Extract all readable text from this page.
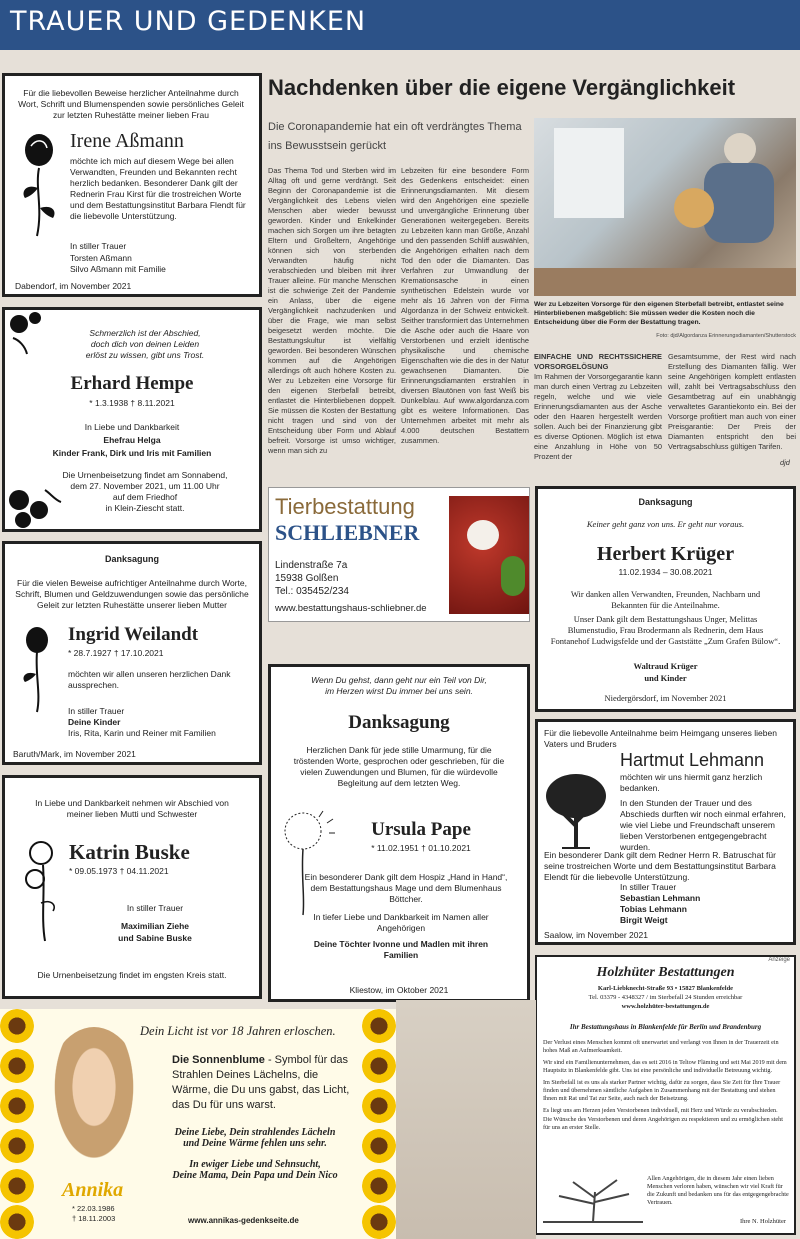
TRAUER UND GEDENKEN
Für die liebevollen Beweise herzlicher Anteilnahme durch Wort, Schrift und Blumenspenden sowie persönliches Geleit zur letzten Ruhestätte meiner lieben Frau
Irene Aßmann
möchte ich mich auf diesem Wege bei allen Verwandten, Freunden und Bekannten recht herzlich bedanken. Besonderer Dank gilt der Rednerin Frau Kirst für die trostreichen Worte und dem Bestattungsinstitut Barbara Flendt für die liebevolle Unterstützung.
In stiller Trauer
Torsten Aßmann
Silvo Aßmann mit Familie
Dabendorf, im November 2021
Schmerzlich ist der Abschied,
doch dich von deinen Leiden
erlöst zu wissen, gibt uns Trost.
Erhard Hempe
* 1.3.1938 † 8.11.2021
In Liebe und Dankbarkeit
Ehefrau Helga
Kinder Frank, Dirk und Iris mit Familien
Die Urnenbeisetzung findet am Sonnabend,
dem 27. November 2021, um 11.00 Uhr
auf dem Friedhof
in Klein-Ziescht statt.
Danksagung
Für die vielen Beweise aufrichtiger Anteilnahme durch Worte, Schrift, Blumen und Geldzuwendungen sowie das persönliche Geleit zur letzten Ruhestätte unserer lieben Mutter
Ingrid Weilandt
* 28.7.1927 † 17.10.2021
möchten wir allen unseren herzlichen Dank aussprechen.
In stiller Trauer
Deine Kinder
Iris, Rita, Karin und Reiner mit Familien
Baruth/Mark, im November 2021
In Liebe und Dankbarkeit nehmen wir Abschied von meiner lieben Mutti und Schwester
Katrin Buske
* 09.05.1973 † 04.11.2021
In stiller Trauer
Maximilian Ziehe
und Sabine Buske
Die Urnenbeisetzung findet im engsten Kreis statt.
Nachdenken über die eigene Vergänglichkeit
Die Coronapandemie hat ein oft verdrängtes Thema ins Bewusstsein gerückt
Das Thema Tod und Sterben wird im Alltag oft und gerne verdrängt. Seit Beginn der Coronapandemie ist die Vergänglichkeit des Lebens vielen Menschen aber wieder bewusst geworden. Kinder und Enkelkinder machen sich Sorgen um ihre betagten Eltern und Großeltern, Angehörige können sich von sterbenden Verwandten häufig nicht verabschieden und bleiben mit ihrer Trauer alleine. Für manche Menschen ist die schwierige Zeit der Pandemie ein Anlass, über die eigene Vergänglichkeit nachzudenken und über die Frage, wie man selbst beigesetzt werden möchte. Die Bestattungskultur ist vielfältig geworden. Bei besonderen Wünschen kommen auf die Angehörigen allerdings oft auch höhere Kosten zu. Wer zu Lebzeiten eine Vorsorge für den eigenen Sterbefall betreibt, entlastet die Hinterbliebenen doppelt. Sie müssen die Kosten der Bestattung nicht tragen und sind von der Entscheidung über Form und Ablauf befreit. Vorsorge ist umso wichtiger, wenn man sich zu
Lebzeiten für eine besondere Form des Gedenkens entscheidet: einen Erinnerungsdiamanten. Mit diesem wird den Angehörigen eine spezielle und unvergängliche Erinnerung über Generationen weitergegeben. Bereits zu Lebzeiten kann man Größe, Anzahl und den passenden Schliff auswählen, die Angehörigen erhalten nach dem Tod den oder die Diamanten. Das Verfahren zur Umwandlung der Kremationsasche in einen synthetischen Edelstein wurde vor mehr als 16 Jahren von der Firma Algordanza in der Schweiz entwickelt. Seither transformiert das Unternehmen die Asche oder auch die Haare von Verstorbenen und erzielt identische physikalische und chemische Eigenschaften wie die des in der Natur gewachsenen Diamanten. Die Erinnerungsdiamanten erstrahlen in diversen Blautönen von fast Weiß bis Dunkelblau. Auf www.algordanza.com gibt es weitere Informationen. Das Unternehmen arbeitet mit mehr als 4.000 deutschen Bestattern zusammen.
Wer zu Lebzeiten Vorsorge für den eigenen Sterbefall betreibt, entlastet seine Hinterbliebenen maßgeblich: Sie müssen weder die Kosten noch die Entscheidung über die Form der Bestattung tragen.
Foto: djd/Algordanza Erinnerungsdiamanten/Shutterstock
EINFACHE UND RECHTSSICHERE VORSORGELÖSUNG
Im Rahmen der Vorsorgegarantie kann man durch einen Vertrag zu Lebzeiten regeln, welche und wie viele Erinnerungsdiamanten aus der Asche oder den Haaren hergestellt werden sollen. Auch bei der Finanzierung gibt es diverse Optionen. Möglich ist etwa eine Anzahlung in Höhe von 50 Prozent der
Gesamtsumme, der Rest wird nach Erstellung des Diamanten fällig. Wer seine Angehörigen komplett entlasten will, zahlt bei Vertragsabschluss den Gesamtbetrag auf ein unabhängig verwaltetes Garantiekonto ein. Bei der Vorsorge profitiert man auch von einer Preisgarantie: Der Preis der Diamanten entspricht den bei Vertragsabschluss gültigen Tarifen.
djd
Tierbestattung
SCHLIEBNER
Lindenstraße 7a
15938 Golßen
Tel.: 035452/234
www.bestattungshaus-schliebner.de
Wenn Du gehst, dann geht nur ein Teil von Dir,
im Herzen wirst Du immer bei uns sein.
Danksagung
Herzlichen Dank für jede stille Umarmung, für die tröstenden Worte, gesprochen oder geschrieben, für die vielen Zuwendungen und Blumen, für die würdevolle Begleitung auf dem letzten Weg.
Ursula Pape
* 11.02.1951 † 01.10.2021
Ein besonderer Dank gilt dem Hospiz „Hand in Hand“, dem Bestattungshaus Mage und dem Blumenhaus Böttcher.
In tiefer Liebe und Dankbarkeit im Namen aller Angehörigen
Deine Töchter Ivonne und Madlen mit ihren Familien
Kliestow, im Oktober 2021
Danksagung
Keiner geht ganz von uns. Er geht nur voraus.
Herbert Krüger
11.02.1934 – 30.08.2021
Wir danken allen Verwandten, Freunden, Nachbarn und Bekannten für die Anteilnahme.
Unser Dank gilt dem Bestattungshaus Unger, Melittas Blumenstudio, Frau Brodermann als Rednerin, dem Haus Fontanehof Ludwigsfelde und der Gaststätte „Zum Grafen Bülow“.
Waltraud Krüger
und Kinder
Niedergörsdorf, im November 2021
Für die liebevolle Anteilnahme beim Heimgang unseres lieben Vaters und Bruders
Hartmut Lehmann
möchten wir uns hiermit ganz herzlich bedanken.
In den Stunden der Trauer und des Abschieds durften wir noch einmal erfahren, wie viel Liebe und Freundschaft unserem lieben Verstorbenen entgegengebracht wurden.
Ein besonderer Dank gilt dem Redner Herrn R. Batruschat für seine trostreichen Worte und dem Bestattungsinstitut Barbara Elendt für die liebevolle Unterstützung.
In stiller Trauer
Sebastian Lehmann
Tobias Lehmann
Birgit Weigt
Saalow, im November 2021
Anzeige
Holzhüter Bestattungen
Karl-Liebknecht-Straße 93 • 15827 Blankenfelde
Tel. 03379 - 4348327 / im Sterbefall 24 Stunden erreichbar
www.holzhüter-bestattungen.de
Ihr Bestattungshaus in Blankenfelde für Berlin und Brandenburg
Der Verlust eines Menschen kommt oft unerwartet und verlangt von Ihnen in der Trauerzeit ein hohes Maß an Aufmerksamkeit.
Wir sind ein Familienunternehmen, das es seit 2016 in Teltow Fläming und seit Mai 2019 mit dem Hauptsitz in Blankenfelde gibt. Uns ist eine persönliche und individuelle Betreuung wichtig.
Im Sterbefall ist es uns als starker Partner wichtig, dafür zu sorgen, dass Sie Zeit für Ihre Trauer finden und übernehmen sämtliche Aufgaben in Zusammenhang mit der Bestattung und stehen Ihnen mit Rat und Tat zur Seite, auch nach der Beisetzung.
Es liegt uns am Herzen jeden Verstorbenen individuell, mit Herz und Würde zu verabschieden. Die Wünsche des Verstorbenen und deren Angehörigen zu respektieren und zu ermöglichen steht für uns an erster Stelle.
Allen Angehörigen, die in diesem Jahr einen lieben Menschen verloren haben, wünschen wir viel Kraft für die Zukunft und bedanken uns für das entgegengebrachte Vertrauen.
Ihre N. Holzhüter
Dein Licht ist vor 18 Jahren erloschen.
Die Sonnenblume - Symbol für das Strahlen Deines Lächelns, die Wärme, die Du uns gabst, das Licht, das Du für uns warst.
Deine Liebe, Dein strahlendes Lächeln
und Deine Wärme fehlen uns sehr.
In ewiger Liebe und Sehnsucht,
Deine Mama, Dein Papa und Dein Nico
Annika
* 22.03.1986
† 18.11.2003	www.annikas-gedenkseite.de
